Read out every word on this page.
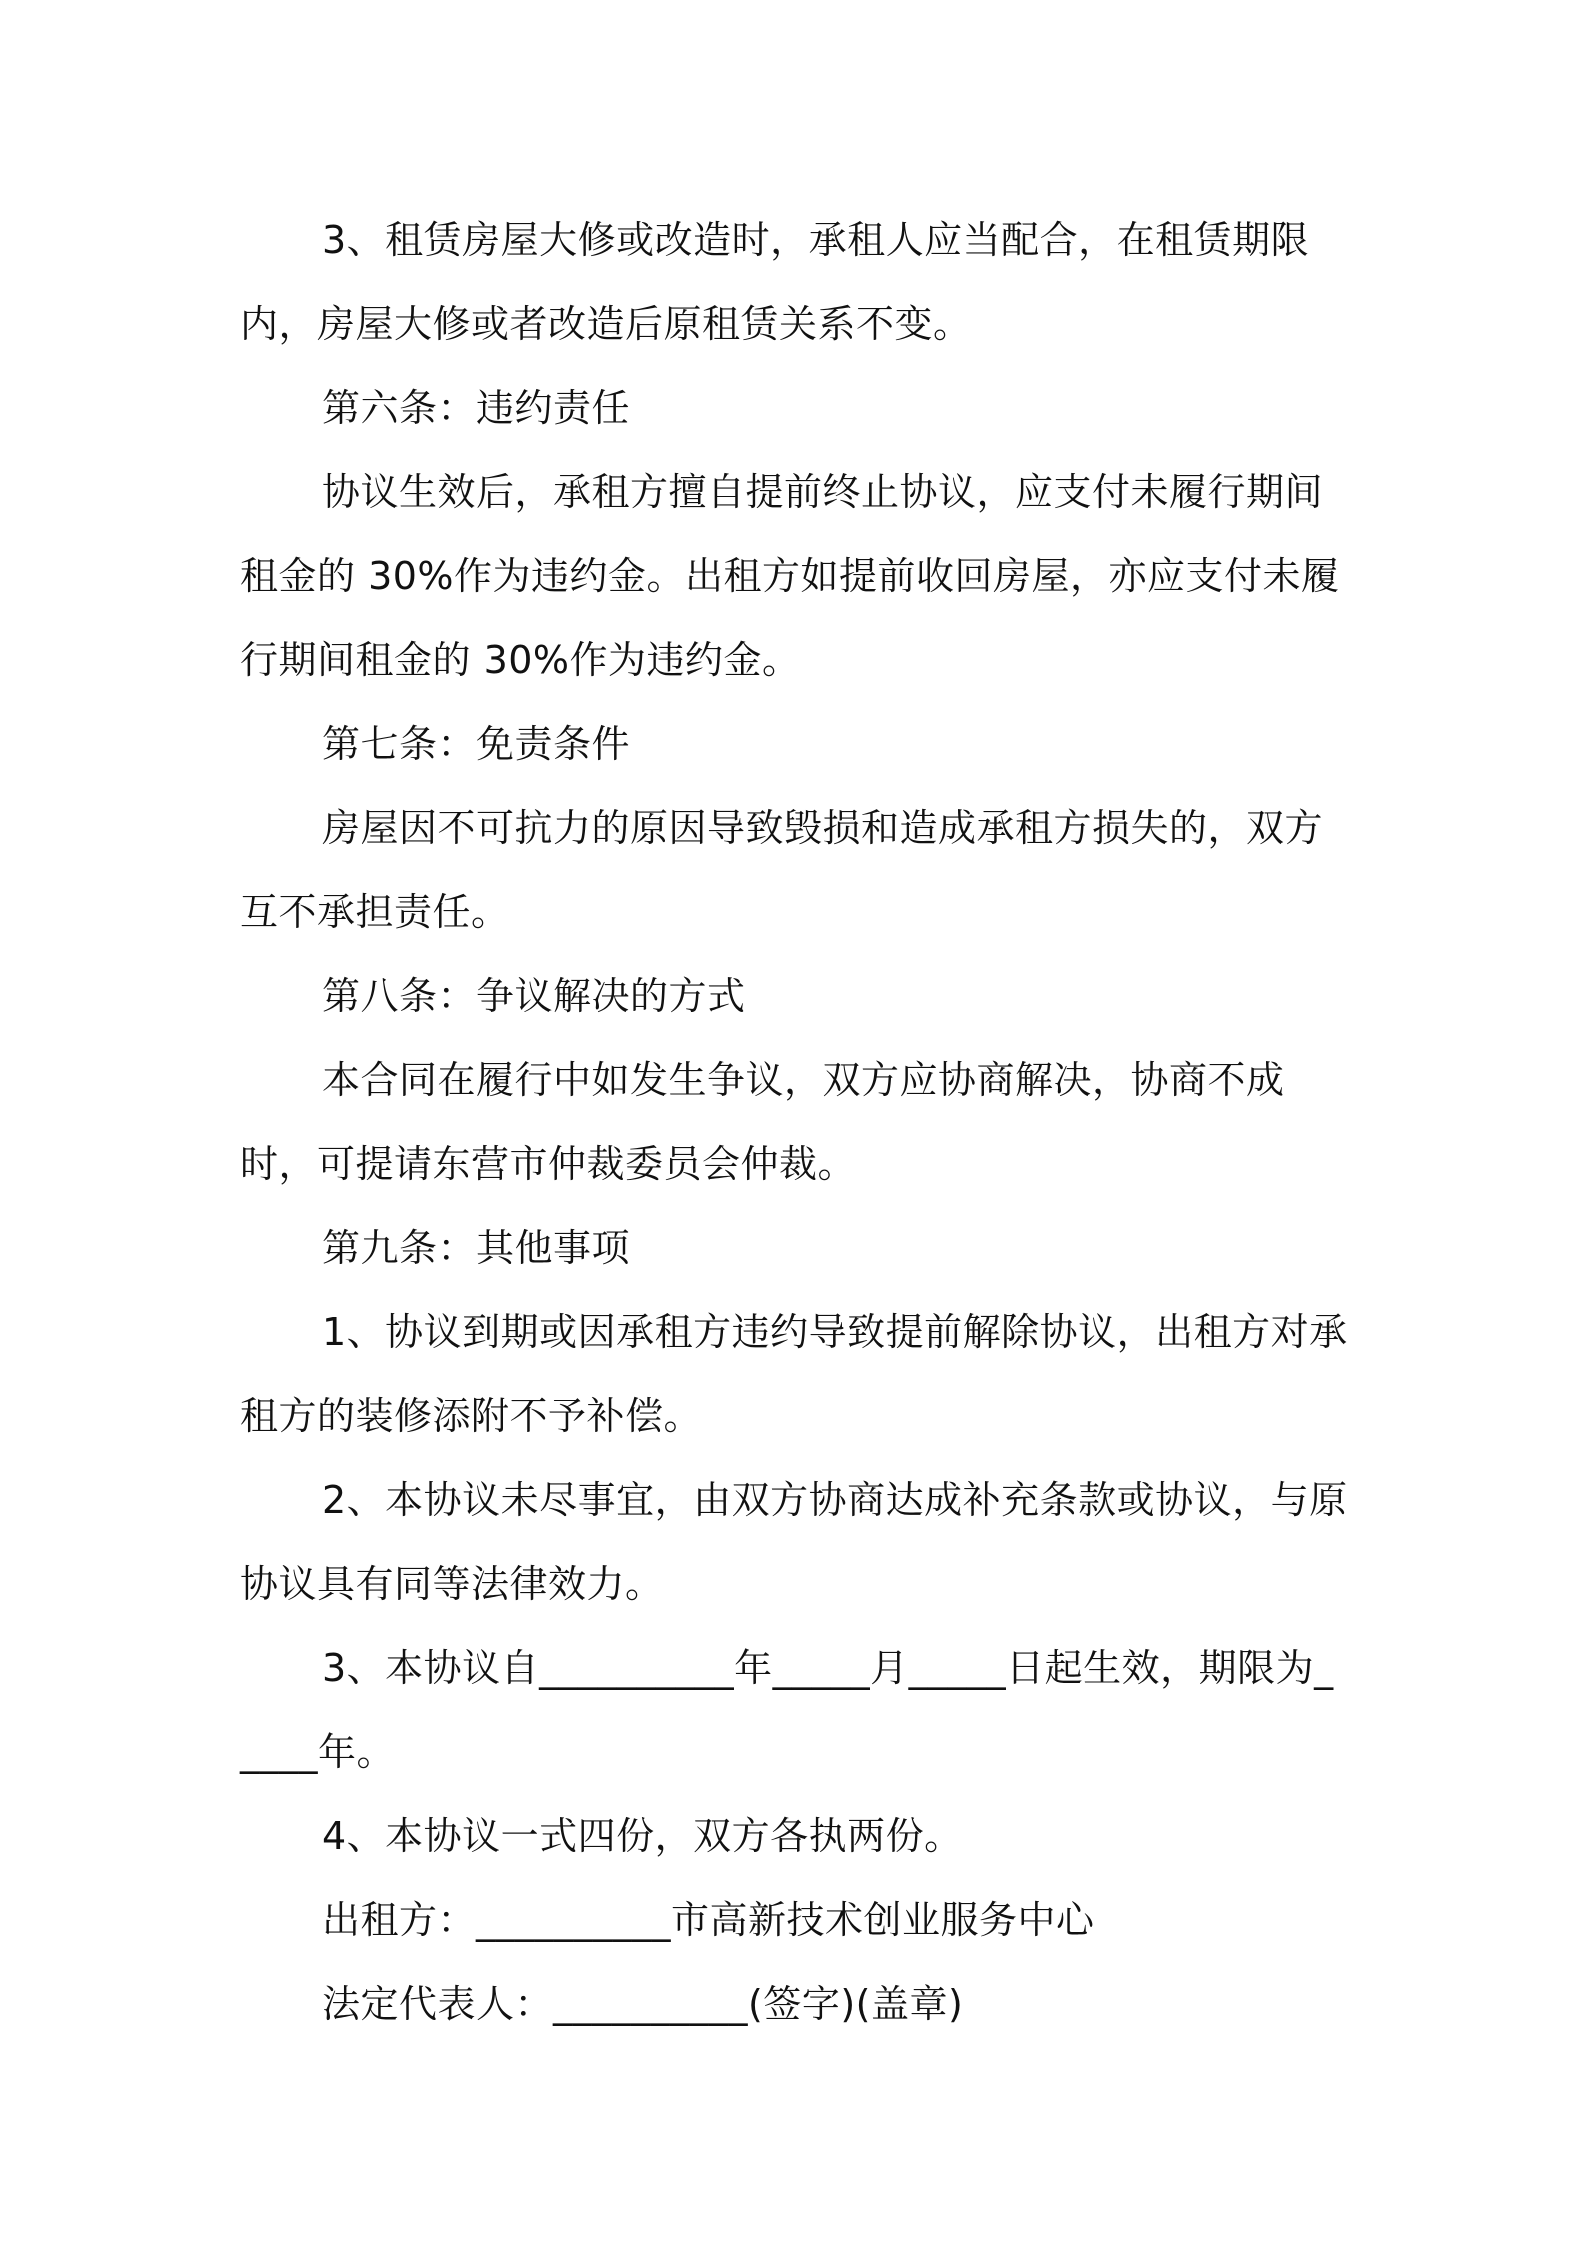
3、租赁房屋大修或改造时，承租人应当配合，在租赁期限内，房屋大修或者改造后原租赁关系不变。

第六条：违约责任

协议生效后，承租方擅自提前终止协议，应支付未履行期间租金的 30%作为违约金。出租方如提前收回房屋，亦应支付未履行期间租金的 30%作为违约金。

第七条：免责条件

房屋因不可抗力的原因导致毁损和造成承租方损失的，双方互不承担责任。

第八条：争议解决的方式

本合同在履行中如发生争议，双方应协商解决，协商不成时，可提请东营市仲裁委员会仲裁。

第九条：其他事项

1、协议到期或因承租方违约导致提前解除协议，出租方对承租方的装修添附不予补偿。

2、本协议未尽事宜，由双方协商达成补充条款或协议，与原协议具有同等法律效力。

3、本协议自__________年_____月_____日起生效，期限为_____年。

4、本协议一式四份，双方各执两份。

出租方：__________市高新技术创业服务中心

法定代表人：__________(签字)(盖章)
